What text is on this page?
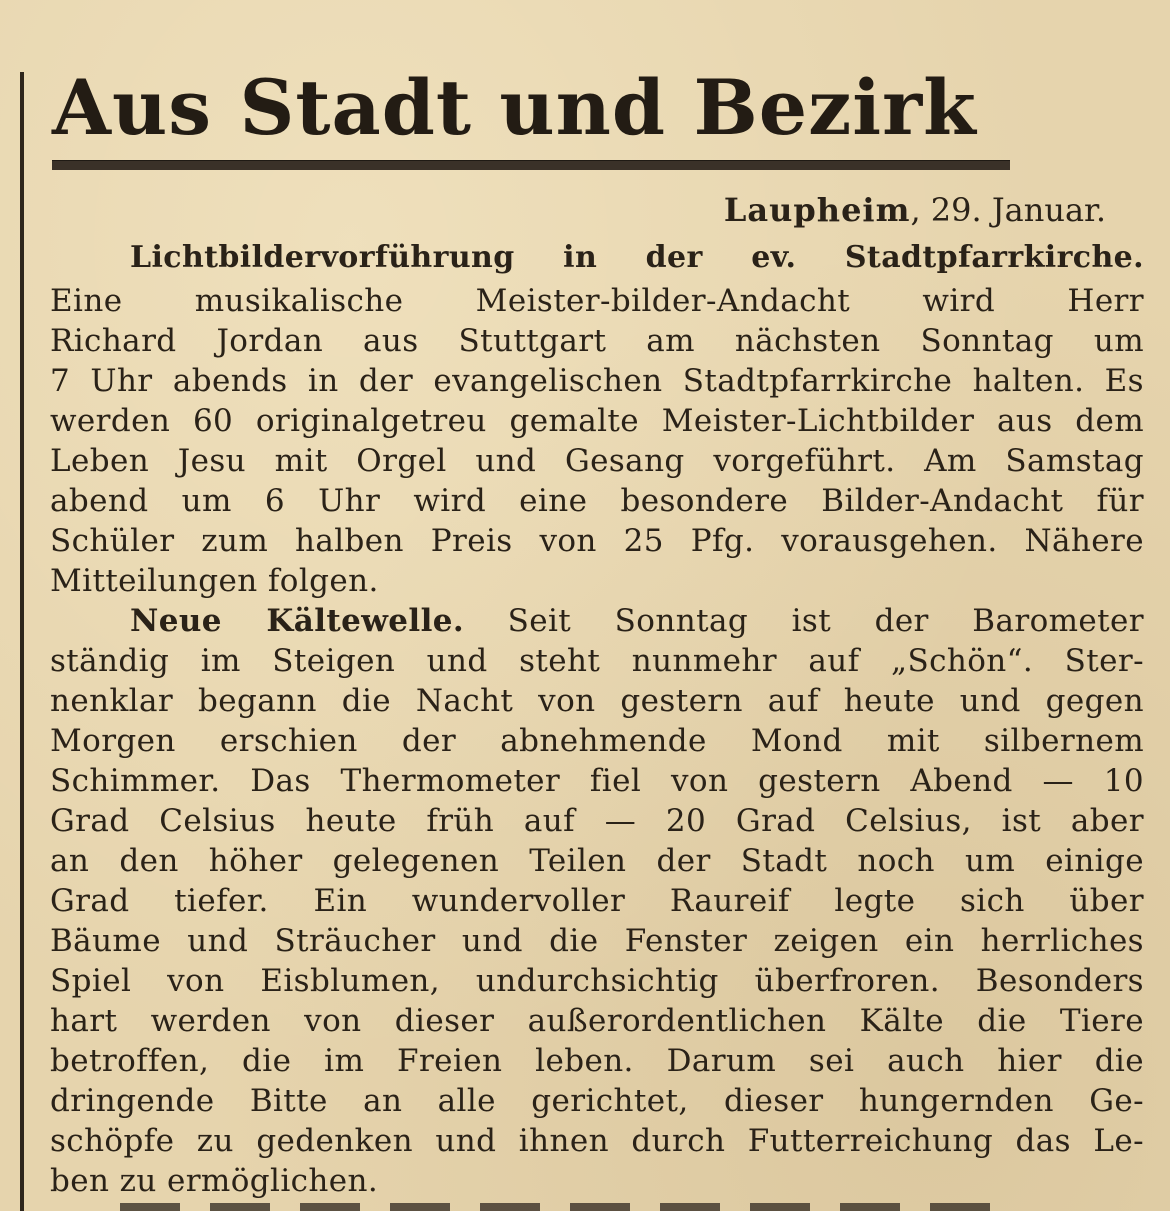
Aus Stadt und Bezirk
Laupheim, 29. Januar.

Lichtbildervorführung in der ev. Stadtpfarrkirche.

Eine musikalische Meister-bilder-Andacht wird Herr

Richard Jordan aus Stuttgart am nächsten Sonntag um

7 Uhr abends in der evangelischen Stadtpfarrkirche halten. Es

werden 60 originalgetreu gemalte Meister-Lichtbilder aus dem

Leben Jesu mit Orgel und Gesang vorgeführt. Am Samstag

abend um 6 Uhr wird eine besondere Bilder-Andacht für

Schüler zum halben Preis von 25 Pfg. vorausgehen. Nähere

Mitteilungen folgen.

Neue Kältewelle. Seit Sonntag ist der Barometer

ständig im Steigen und steht nunmehr auf „Schön“. Ster-

nenklar begann die Nacht von gestern auf heute und gegen

Morgen erschien der abnehmende Mond mit silbernem

Schimmer. Das Thermometer fiel von gestern Abend — 10

Grad Celsius heute früh auf — 20 Grad Celsius, ist aber

an den höher gelegenen Teilen der Stadt noch um einige

Grad tiefer. Ein wundervoller Raureif legte sich über

Bäume und Sträucher und die Fenster zeigen ein herrliches

Spiel von Eisblumen, undurchsichtig überfroren. Besonders

hart werden von dieser außerordentlichen Kälte die Tiere

betroffen, die im Freien leben. Darum sei auch hier die

dringende Bitte an alle gerichtet, dieser hungernden Ge-

schöpfe zu gedenken und ihnen durch Futterreichung das Le-

ben zu ermöglichen.
